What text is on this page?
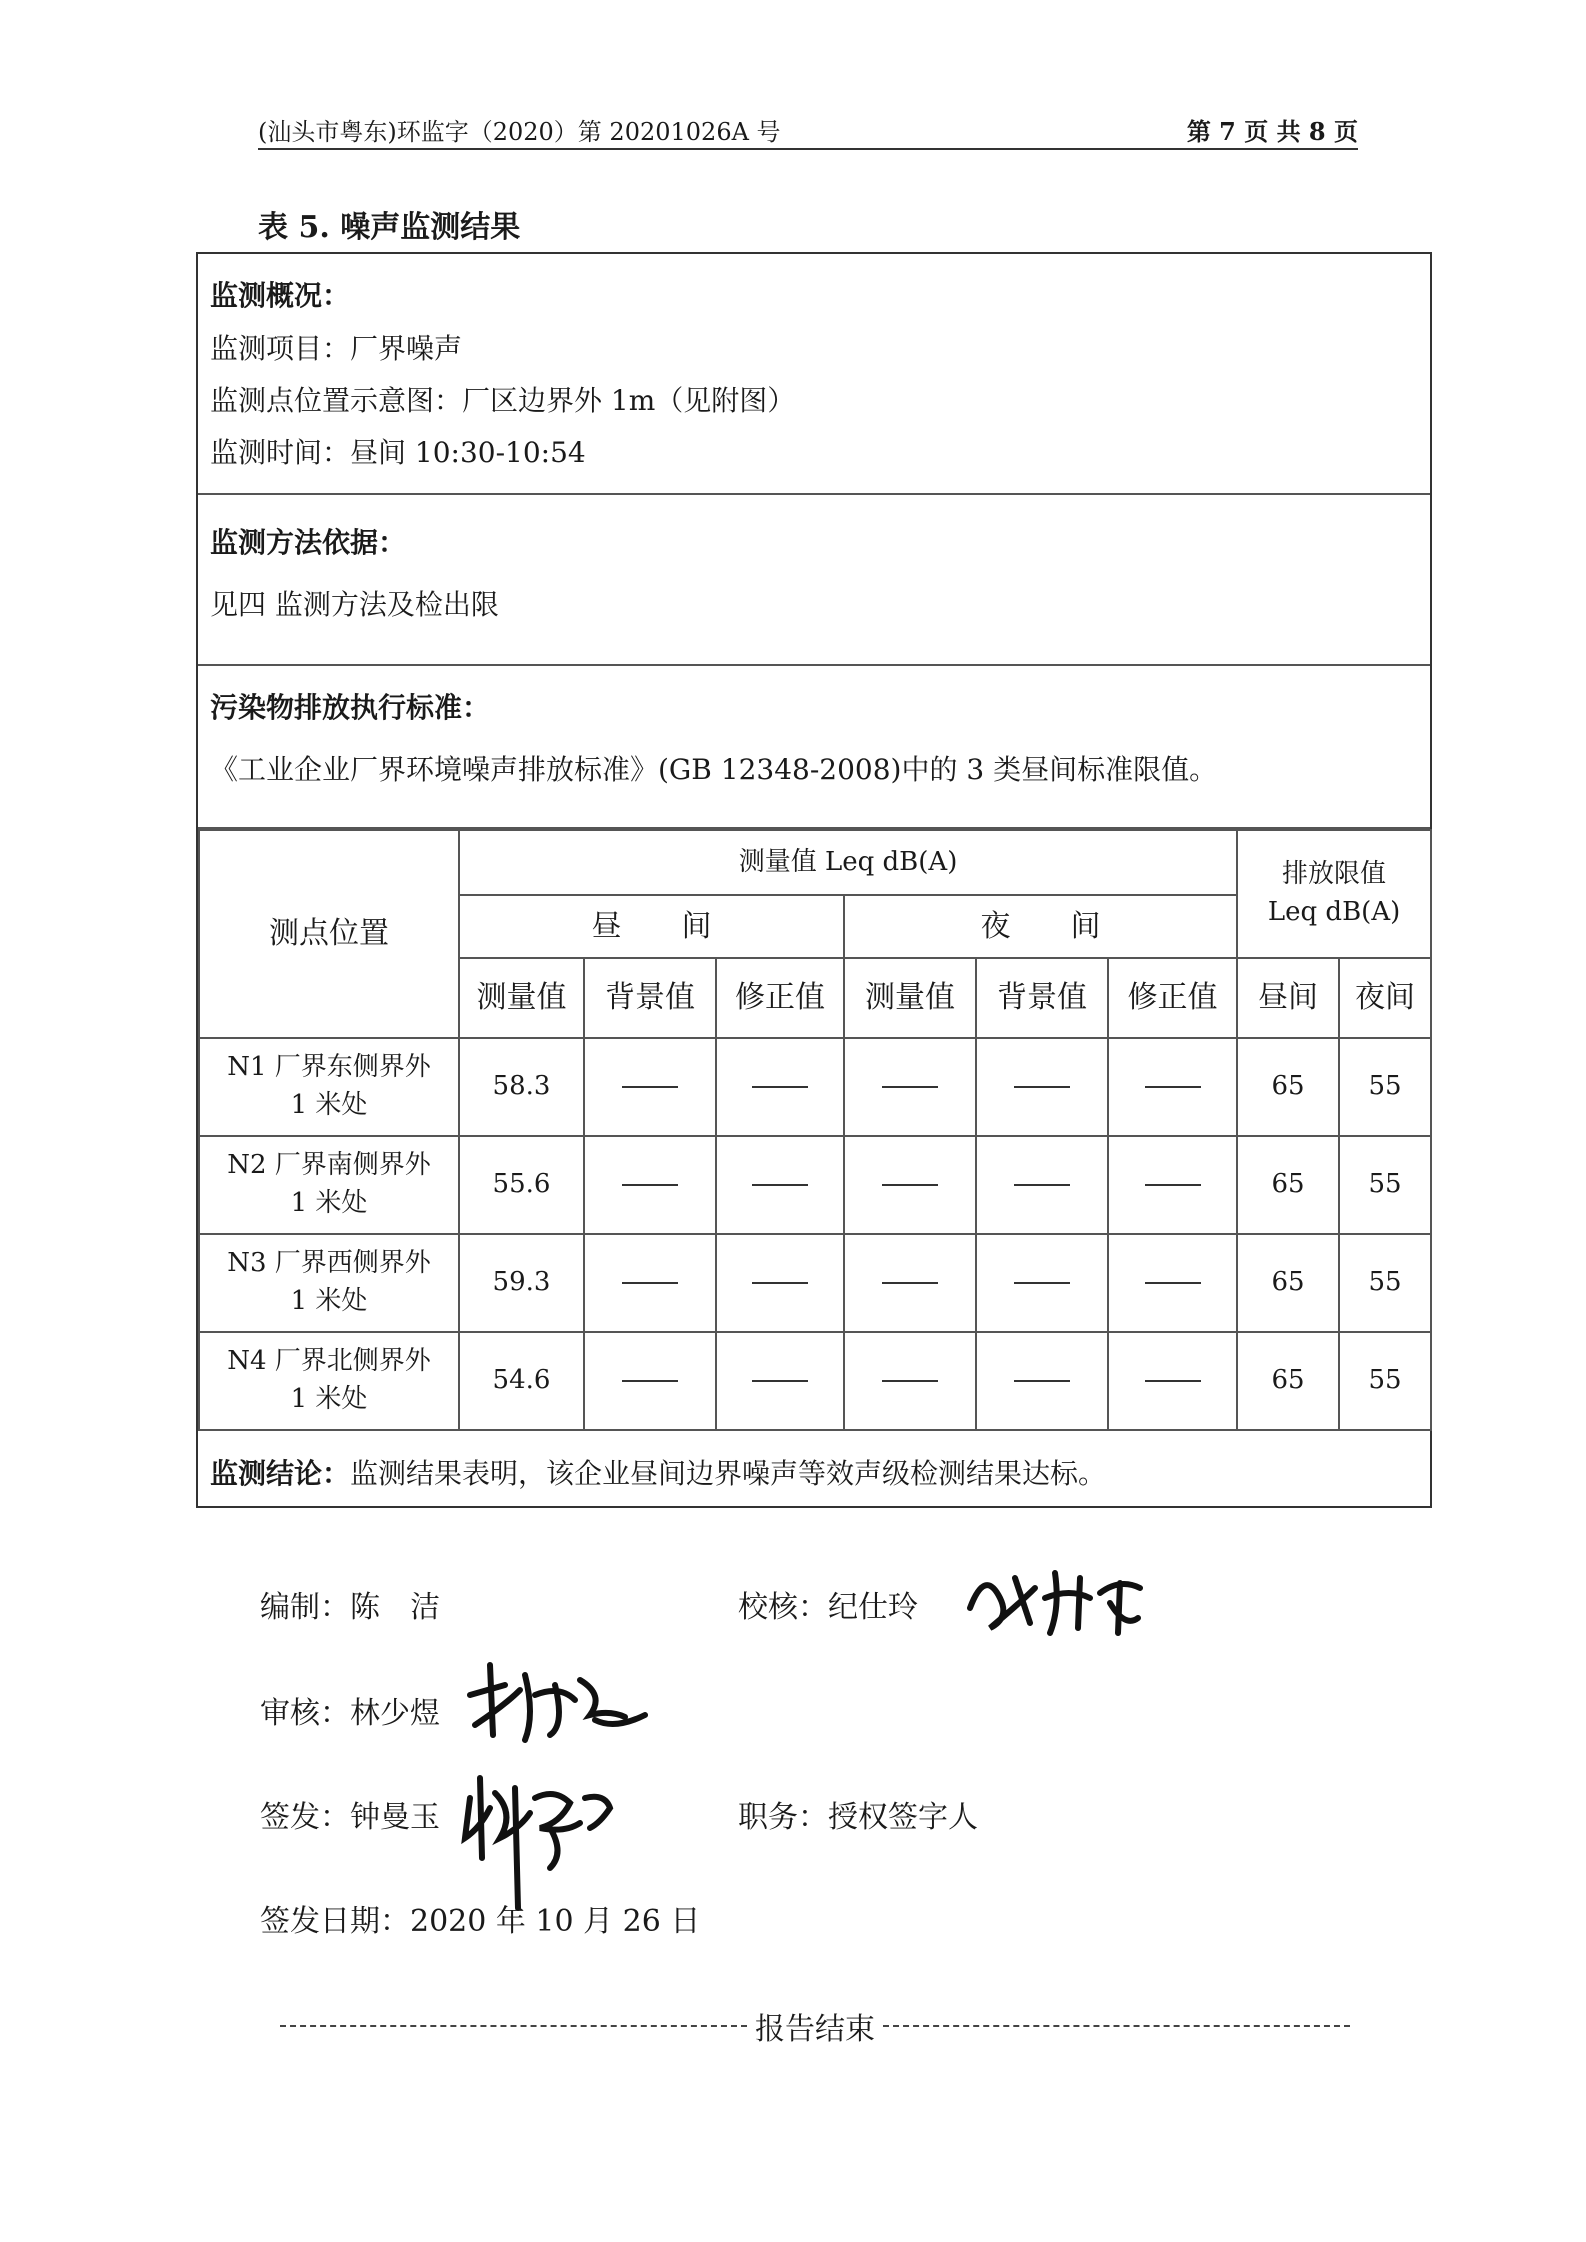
(汕头市粤东)环监字（2020）第 20201026A 号	第 7 页 共 8 页
表 5. 噪声监测结果
监测概况：
监测项目：厂界噪声
监测点位置示意图：厂区边界外 1m（见附图）
监测时间：昼间 10:30-10:54
监测方法依据：
见四 监测方法及检出限
污染物排放执行标准：
《工业企业厂界环境噪声排放标准》(GB 12348-2008)中的 3 类昼间标准限值。
测点位置	测量值 Leq dB(A)						排放限值
Leq dB(A)	

	昼　　间			夜　　间				
	测量值	背景值	修正值	测量值	背景值	修正值	昼间	夜间

N1 厂界东侧界外
1 米处	58.3						65	55

N2 厂界南侧界外
1 米处	55.6						65	55

N3 厂界西侧界外
1 米处	59.3						65	55

N4 厂界北侧界外
1 米处	54.6						65	55
监测结论：监测结果表明，该企业昼间边界噪声等效声级检测结果达标。
编制：陈　洁	校核：纪仕玲
审核：林少煜
签发：钟曼玉	职务：授权签字人
签发日期：2020 年 10 月 26 日
报告结束
